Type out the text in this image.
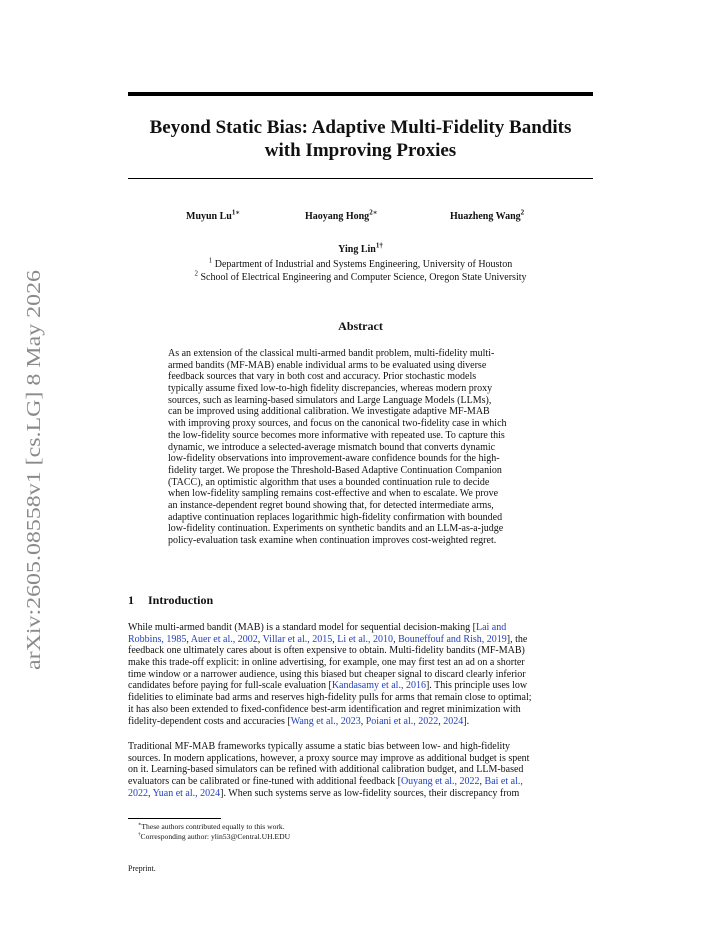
arXiv:2605.08558v1 [cs.LG] 8 May 2026
Beyond Static Bias: Adaptive Multi-Fidelity Bandits
with Improving Proxies
Muyun $Lu^{1∗}$	Haoyang Hong$^{2∗}$	Huazheng Wang$^2$
Ying Lin$^{1\dagger}$
$^1$ Department of Industrial and Systems Engineering, University of Houston
$^2$ School of Electrical Engineering and Computer Science, Oregon State University
Abstract
As an extension of the classical multi-armed bandit problem, multi-fidelity multi-
armed bandits (MF-MAB) enable individual arms to be evaluated using diverse
feedback sources that vary in both cost and accuracy. Prior stochastic models
typically assume fixed low-to-high fidelity discrepancies, whereas modern proxy
sources, such as learning-based simulators and Large Language Models (LLMs),
can be improved using additional calibration. We investigate adaptive MF-MAB
with improving proxy sources, and focus on the canonical two-fidelity case in which
the low-fidelity source becomes more informative with repeated use. To capture this
dynamic, we introduce a selected-average mismatch bound that converts dynamic
low-fidelity observations into improvement-aware confidence bounds for the high-
fidelity target. We propose the Threshold-Based Adaptive Continuation Companion
(TACC), an optimistic algorithm that uses a bounded continuation rule to decide
when low-fidelity sampling remains cost-effective and when to escalate. We prove
an instance-dependent regret bound showing that, for detected intermediate arms,
adaptive continuation replaces logarithmic high-fidelity confirmation with bounded
low-fidelity continuation. Experiments on synthetic bandits and an LLM-as-a-judge
policy-evaluation task examine when continuation improves cost-weighted regret.
1 Introduction
While multi-armed bandit (MAB) is a standard model for sequential decision-making [Lai and
Robbins, 1985, Auer et al., 2002, Villar et al., 2015, Li et al., 2010, Bouneffouf and Rish, 2019], the
feedback one ultimately cares about is often expensive to obtain. Multi-fidelity bandits (MF-MAB)
make this trade-off explicit: in online advertising, for example, one may first test an ad on a shorter
time window or a narrower audience, using this biased but cheaper signal to discard clearly inferior
candidates before paying for full-scale evaluation [Kandasamy et al., 2016]. This principle uses low
fidelities to eliminate bad arms and reserves high-fidelity pulls for arms that remain close to optimal;
it has also been extended to fixed-confidence best-arm identification and regret minimization with
fidelity-dependent costs and accuracies [Wang et al., 2023, Poiani et al., 2022, 2024].
Traditional MF-MAB frameworks typically assume a static bias between low- and high-fidelity
sources. In modern applications, however, a proxy source may improve as additional budget is spent
on it. Learning-based simulators can be refined with additional calibration budget, and LLM-based
evaluators can be calibrated or fine-tuned with additional feedback [Ouyang et al., 2022, Bai et al.,
2022, Yuan et al., 2024]. When such systems serve as low-fidelity sources, their discrepancy from
∗These authors contributed equally to this work.
†Corresponding author: ylin53@Central.UH.EDU
Preprint.
